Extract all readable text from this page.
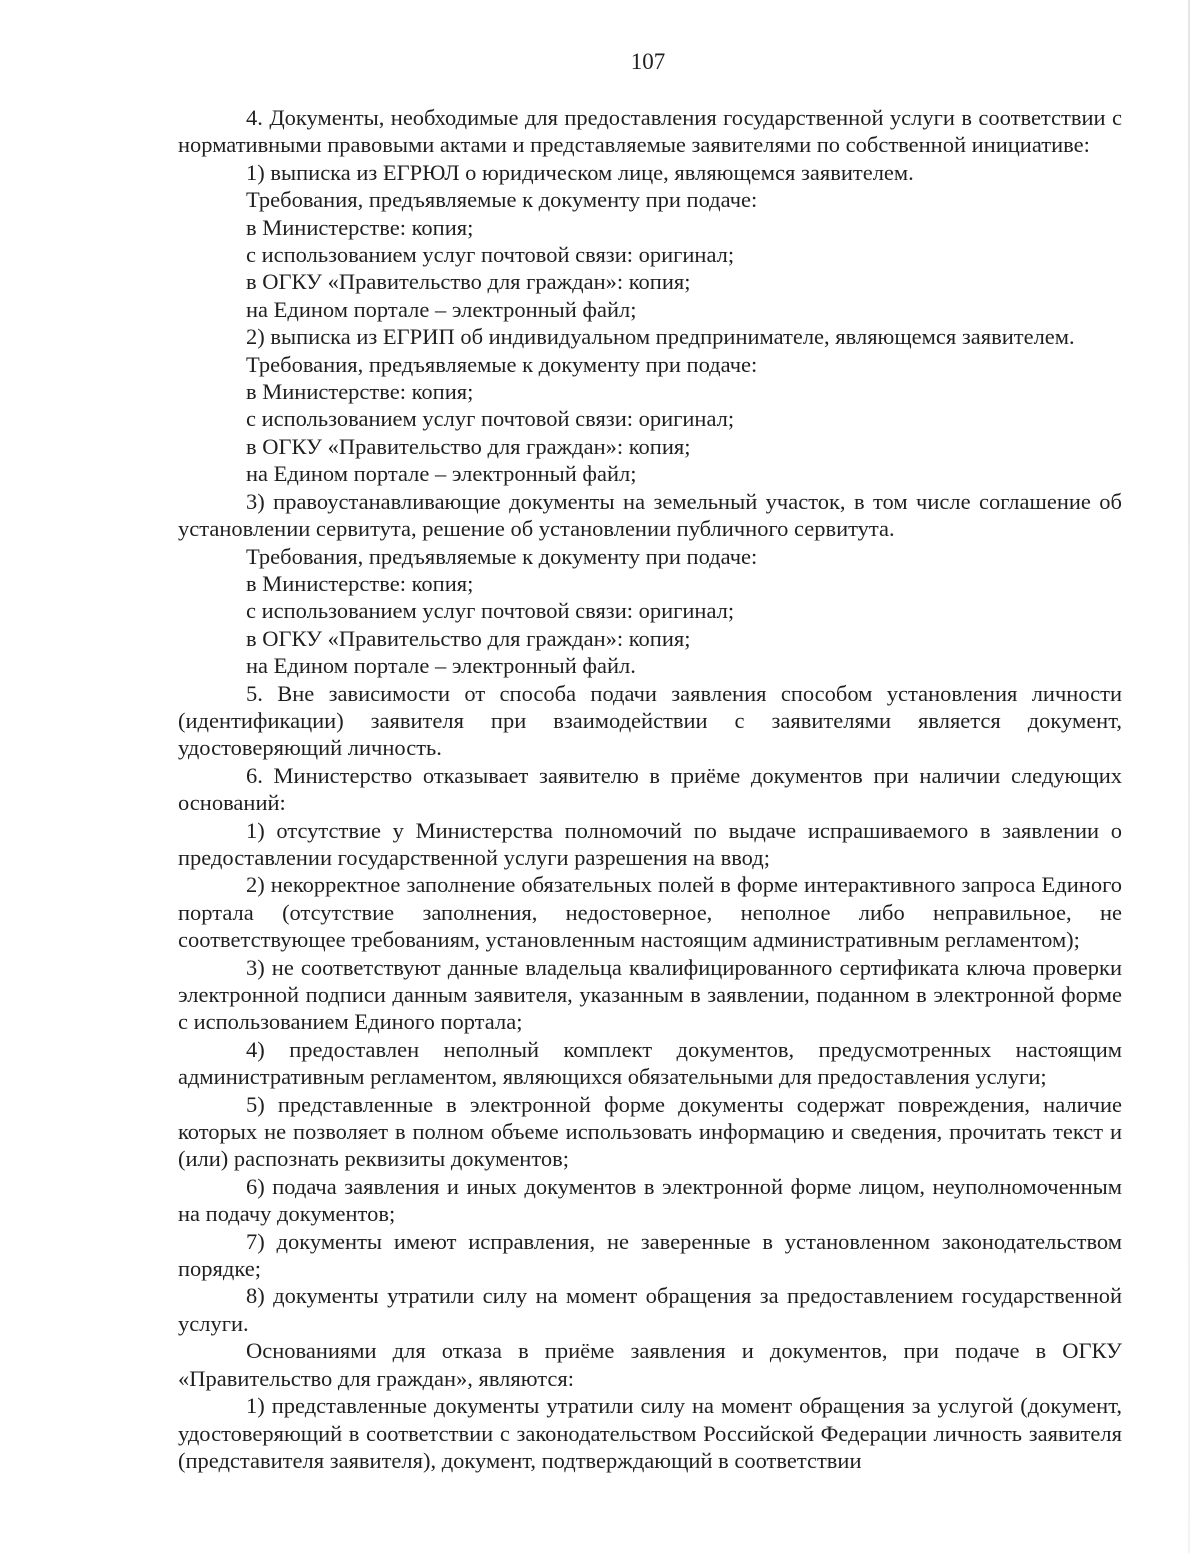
107

4. Документы, необходимые для предоставления государственной услуги в соответствии с нормативными правовыми актами и представляемые заявителями по собственной инициативе:

1) выписка из ЕГРЮЛ о юридическом лице, являющемся заявителем.

Требования, предъявляемые к документу при подаче:

в Министерстве: копия;

с использованием услуг почтовой связи: оригинал;

в ОГКУ «Правительство для граждан»: копия;

на Едином портале – электронный файл;

2) выписка из ЕГРИП об индивидуальном предпринимателе, являющемся заявителем.

Требования, предъявляемые к документу при подаче:

в Министерстве: копия;

с использованием услуг почтовой связи: оригинал;

в ОГКУ «Правительство для граждан»: копия;

на Едином портале – электронный файл;

3) правоустанавливающие документы на земельный участок, в том числе соглашение об установлении сервитута, решение об установлении публичного сервитута.

Требования, предъявляемые к документу при подаче:

в Министерстве: копия;

с использованием услуг почтовой связи: оригинал;

в ОГКУ «Правительство для граждан»: копия;

на Едином портале – электронный файл.

5. Вне зависимости от способа подачи заявления способом установления личности (идентификации) заявителя при взаимодействии с заявителями является документ, удостоверяющий личность.

6. Министерство отказывает заявителю в приёме документов при наличии следующих оснований:

1) отсутствие у Министерства полномочий по выдаче испрашиваемого в заявлении о предоставлении государственной услуги разрешения на ввод;

2) некорректное заполнение обязательных полей в форме интерактивного запроса Единого портала (отсутствие заполнения, недостоверное, неполное либо неправильное, не соответствующее требованиям, установленным настоящим административным регламентом);

3) не соответствуют данные владельца квалифицированного сертификата ключа проверки электронной подписи данным заявителя, указанным в заявлении, поданном в электронной форме с использованием Единого портала;

4) предоставлен неполный комплект документов, предусмотренных настоящим административным регламентом, являющихся обязательными для предоставления услуги;

5) представленные в электронной форме документы содержат повреждения, наличие которых не позволяет в полном объеме использовать информацию и сведения, прочитать текст и (или) распознать реквизиты документов;

6) подача заявления и иных документов в электронной форме лицом, неуполномоченным на подачу документов;

7) документы имеют исправления, не заверенные в установленном законодательством порядке;

8) документы утратили силу на момент обращения за предоставлением государственной услуги.

Основаниями для отказа в приёме заявления и документов, при подаче в ОГКУ «Правительство для граждан», являются:

1) представленные документы утратили силу на момент обращения за услугой (документ, удостоверяющий в соответствии с законодательством Российской Федерации личность заявителя (представителя заявителя), документ, подтверждающий в соответствии
